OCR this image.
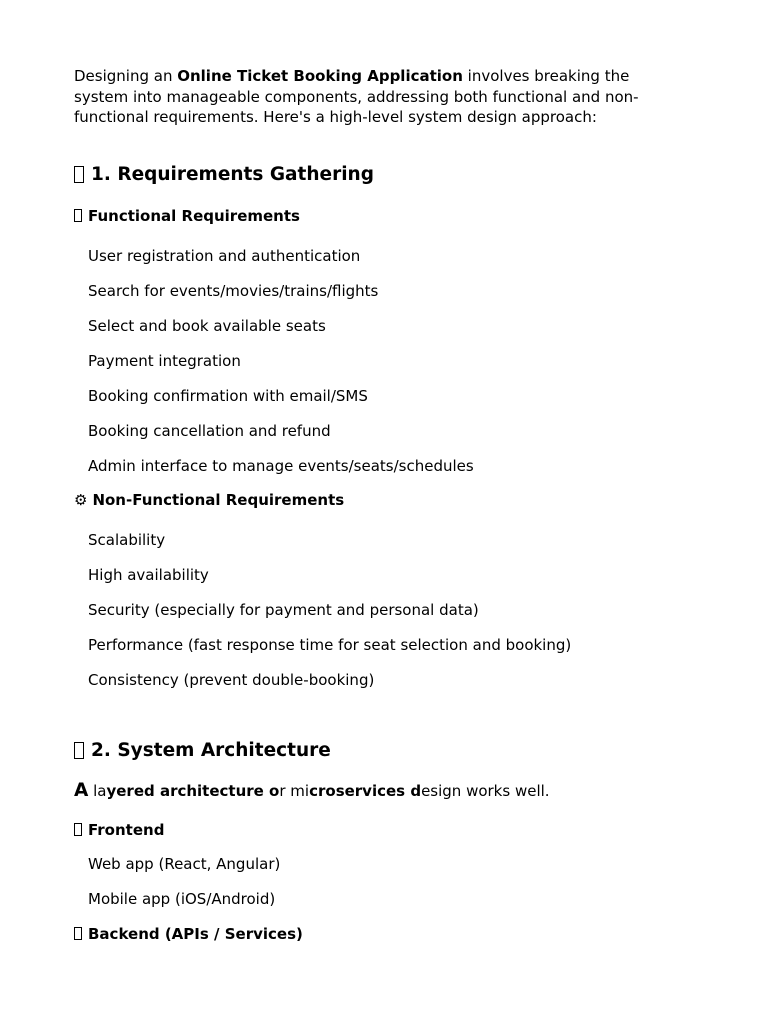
Designing an Online Ticket Booking Application involves breaking the system into manageable components, addressing both functional and non-functional requirements. Here's a high-level system design approach:

1. Requirements Gathering
Functional Requirements
User registration and authentication
Search for events/movies/trains/flights
Select and book available seats
Payment integration
Booking confirmation with email/SMS
Booking cancellation and refund
Admin interface to manage events/seats/schedules
⚙ Non-Functional Requirements
Scalability
High availability
Security (especially for payment and personal data)
Performance (fast response time for seat selection and booking)
Consistency (prevent double-booking)
2. System Architecture

A layered architecture or microservices design works well.

Frontend
Web app (React, Angular)
Mobile app (iOS/Android)
Backend (APIs / Services)
